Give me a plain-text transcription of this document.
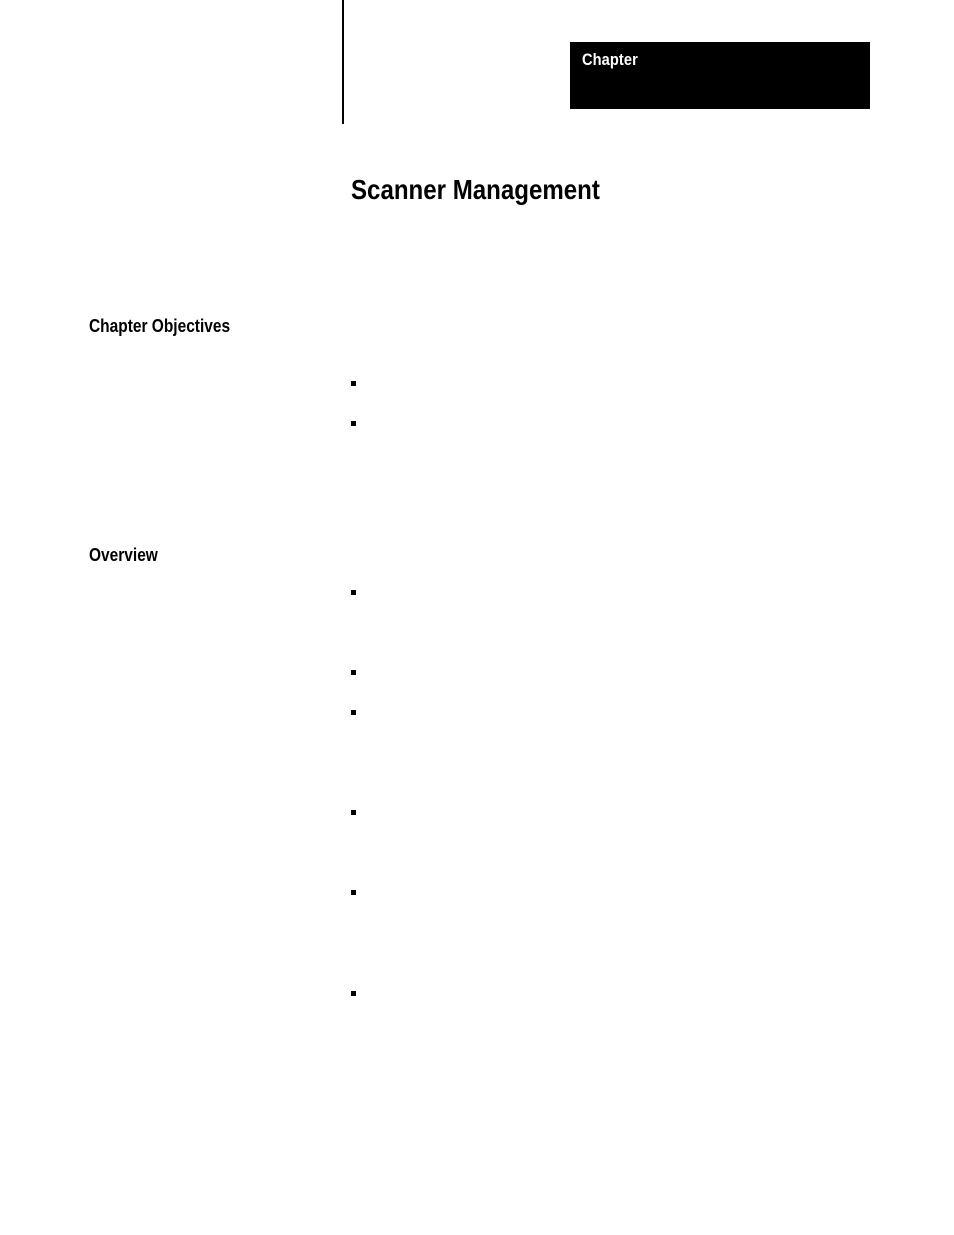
Chapter
Scanner Management
Chapter Objectives
Overview
